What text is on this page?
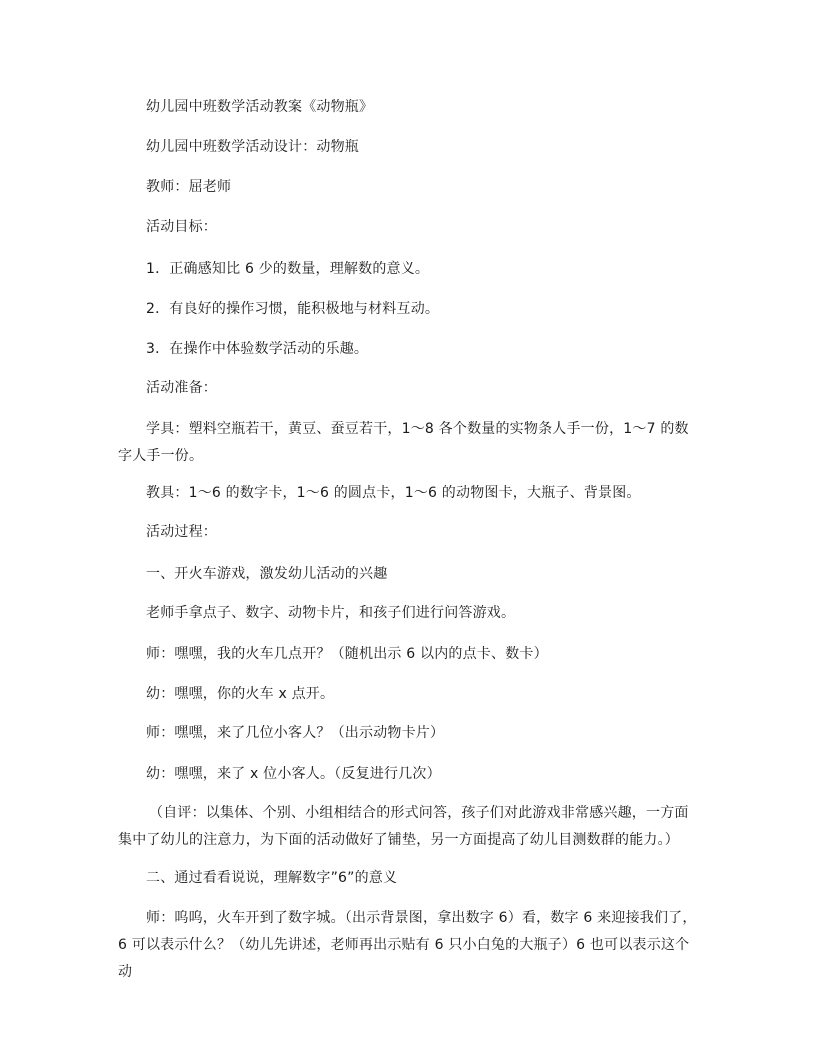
幼儿园中班数学活动教案《动物瓶》

幼儿园中班数学活动设计：动物瓶

教师：屈老师

活动目标：

1．正确感知比 6 少的数量，理解数的意义。

2．有良好的操作习惯，能积极地与材料互动。

3．在操作中体验数学活动的乐趣。

活动准备：

学具：塑料空瓶若干，黄豆、蚕豆若干，1～8 各个数量的实物条人手一份，1～7 的数字人手一份。

教具：1～6 的数字卡，1～6 的圆点卡，1～6 的动物图卡，大瓶子、背景图。

活动过程：

一、开火车游戏，激发幼儿活动的兴趣

老师手拿点子、数字、动物卡片，和孩子们进行问答游戏。

师：嘿嘿，我的火车几点开？（随机出示 6 以内的点卡、数卡）

幼：嘿嘿，你的火车 x 点开。

师：嘿嘿，来了几位小客人？（出示动物卡片）

幼：嘿嘿，来了 x 位小客人。（反复进行几次）

（自评：以集体、个别、小组相结合的形式问答，孩子们对此游戏非常感兴趣，一方面集中了幼儿的注意力，为下面的活动做好了铺垫，另一方面提高了幼儿目测数群的能力。）

二、通过看看说说，理解数字”6”的意义

师：呜呜，火车开到了数字城。（出示背景图，拿出数字 6）看，数字 6 来迎接我们了，6 可以表示什么？（幼儿先讲述，老师再出示贴有 6 只小白兔的大瓶子）6 也可以表示这个动
